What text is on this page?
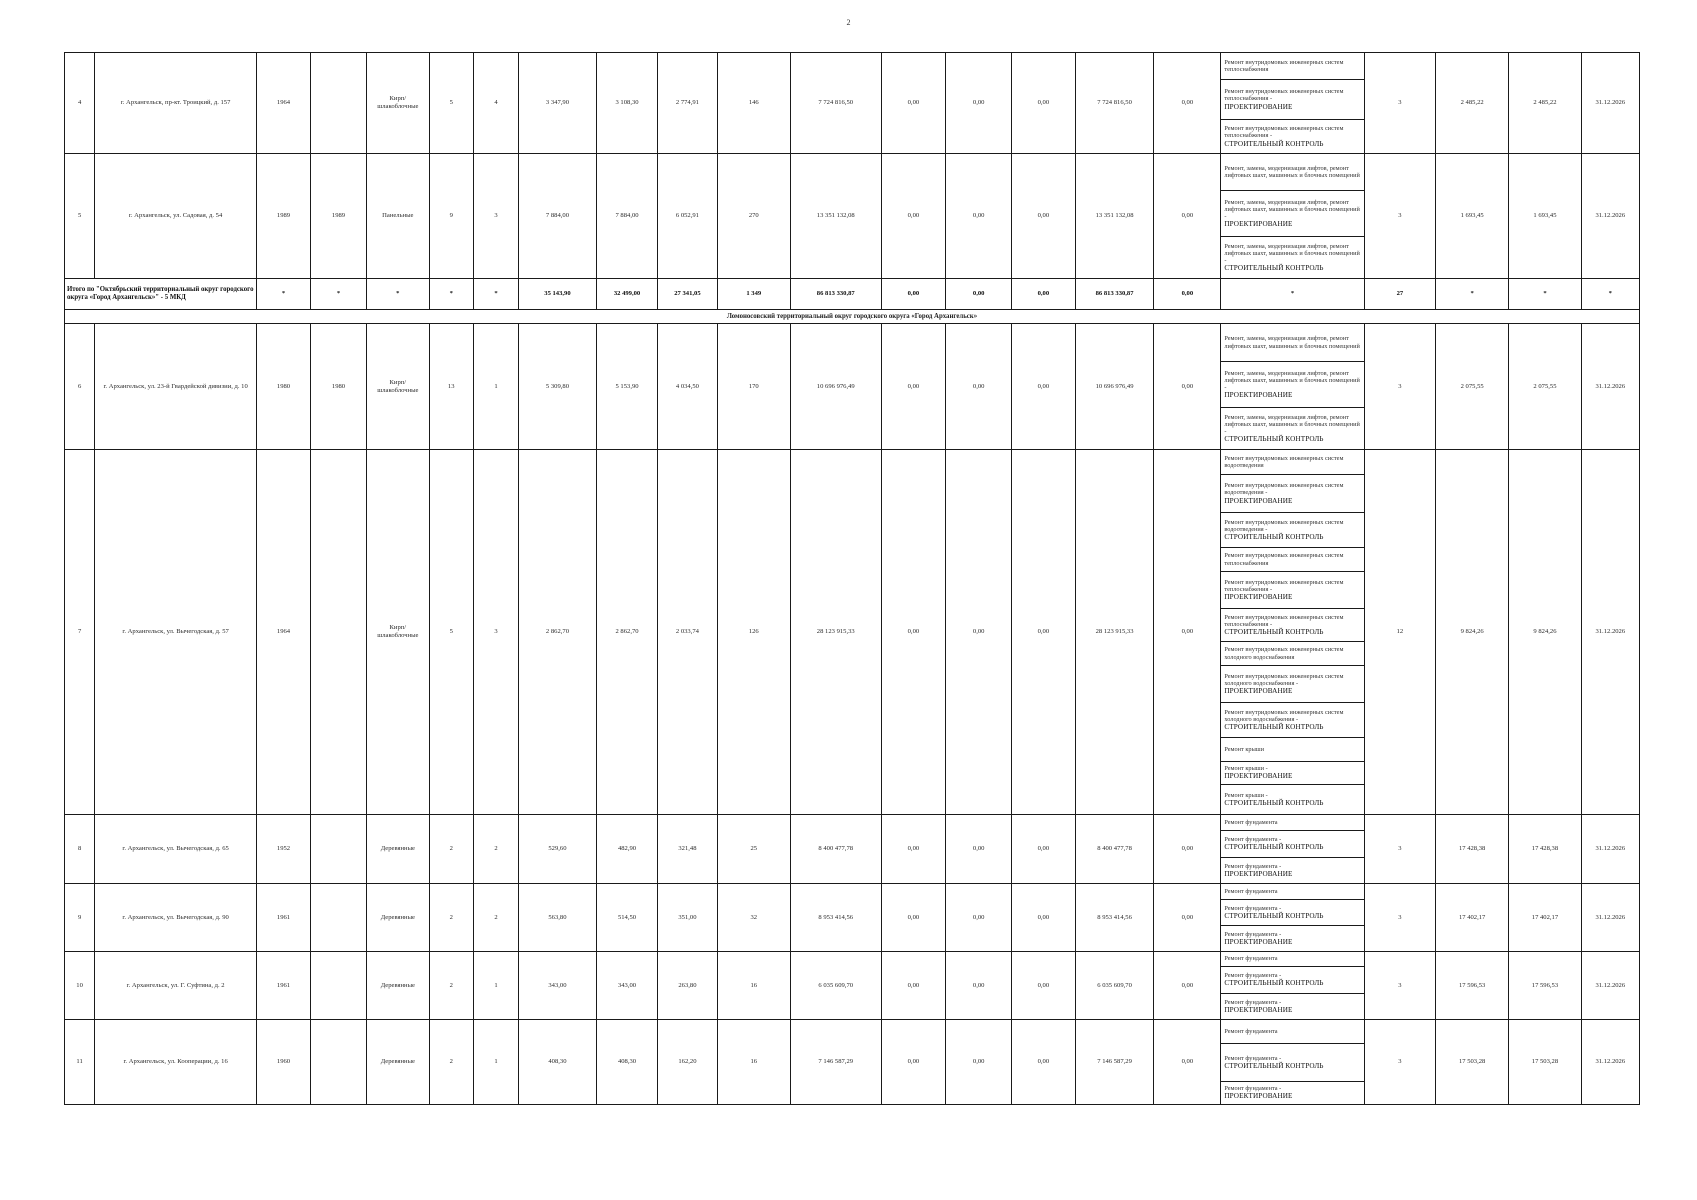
2
4	г. Архангельск, пр-кт. Троицкий, д. 157	1964		Кирп/ шлакоблочные	5	4	3 347,90	3 108,30	2 774,91	146	7 724 816,50	0,00	0,00	0,00	7 724 816,50	0,00	Ремонт внутридомовых инженерных систем теплоснабжения	3	2 485,22	2 485,22	31.12.2026
																	Ремонт внутридомовых инженерных систем теплоснабжения -
ПРОЕКТИРОВАНИЕ				
																	Ремонт внутридомовых инженерных систем теплоснабжения -
СТРОИТЕЛЬНЫЙ КОНТРОЛЬ				
5	г. Архангельск, ул. Садовая, д. 54	1989	1989	Панельные	9	3	7 884,00	7 884,00	6 052,91	270	13 351 132,08	0,00	0,00	0,00	13 351 132,08	0,00	Ремонт, замена, модернизация лифтов, ремонт лифтовых шахт, машинных и блочных помещений	3	1 693,45	1 693,45	31.12.2026
																	Ремонт, замена, модернизация лифтов, ремонт лифтовых шахт, машинных и блочных помещений -
ПРОЕКТИРОВАНИЕ				
																	Ремонт, замена, модернизация лифтов, ремонт лифтовых шахт, машинных и блочных помещений -
СТРОИТЕЛЬНЫЙ КОНТРОЛЬ				
Итого по "Октябрьский территориальный округ городского округа «Город Архангельск»" - 5 МКД		*	*	*	*	*	35 143,90	32 499,00	27 341,05	1 349	86 813 330,87	0,00	0,00	0,00	86 813 330,87	0,00	*	27	*	*	*
Ломоносовский территориальный округ городского округа «Город Архангельск»																					
6	г. Архангельск, ул. 23-й Гвардейской дивизии, д. 10	1980	1980	Кирп/ шлакоблочные	13	1	5 309,80	5 153,90	4 034,50	170	10 696 976,49	0,00	0,00	0,00	10 696 976,49	0,00	Ремонт, замена, модернизация лифтов, ремонт лифтовых шахт, машинных и блочных помещений	3	2 075,55	2 075,55	31.12.2026
																	Ремонт, замена, модернизация лифтов, ремонт лифтовых шахт, машинных и блочных помещений -
ПРОЕКТИРОВАНИЕ				
																	Ремонт, замена, модернизация лифтов, ремонт лифтовых шахт, машинных и блочных помещений -
СТРОИТЕЛЬНЫЙ КОНТРОЛЬ				
7	г. Архангельск, ул. Вычегодская, д. 57	1964		Кирп/ шлакоблочные	5	3	2 862,70	2 862,70	2 033,74	126	28 123 915,33	0,00	0,00	0,00	28 123 915,33	0,00	Ремонт внутридомовых инженерных систем водоотведения	12	9 824,26	9 824,26	31.12.2026
																	Ремонт внутридомовых инженерных систем водоотведения -
ПРОЕКТИРОВАНИЕ				
																	Ремонт внутридомовых инженерных систем водоотведения -
СТРОИТЕЛЬНЫЙ КОНТРОЛЬ				
																	Ремонт внутридомовых инженерных систем теплоснабжения				
																	Ремонт внутридомовых инженерных систем теплоснабжения -
ПРОЕКТИРОВАНИЕ				
																	Ремонт внутридомовых инженерных систем теплоснабжения -
СТРОИТЕЛЬНЫЙ КОНТРОЛЬ				
																	Ремонт внутридомовых инженерных систем холодного водоснабжения				
																	Ремонт внутридомовых инженерных систем холодного водоснабжения -
ПРОЕКТИРОВАНИЕ				
																	Ремонт внутридомовых инженерных систем холодного водоснабжения -
СТРОИТЕЛЬНЫЙ КОНТРОЛЬ				
																	Ремонт крыши				
																	Ремонт крыши -
ПРОЕКТИРОВАНИЕ				
																	Ремонт крыши -
СТРОИТЕЛЬНЫЙ КОНТРОЛЬ				
8	г. Архангельск, ул. Вычегодская, д. 65	1952		Деревянные	2	2	529,60	482,90	321,48	25	8 400 477,78	0,00	0,00	0,00	8 400 477,78	0,00	Ремонт фундамента	3	17 428,38	17 428,38	31.12.2026
																	Ремонт фундамента -
СТРОИТЕЛЬНЫЙ КОНТРОЛЬ				
																	Ремонт фундамента -
ПРОЕКТИРОВАНИЕ				
9	г. Архангельск, ул. Вычегодская, д. 90	1961		Деревянные	2	2	563,80	514,50	351,00	32	8 953 414,56	0,00	0,00	0,00	8 953 414,56	0,00	Ремонт фундамента	3	17 402,17	17 402,17	31.12.2026
																	Ремонт фундамента -
СТРОИТЕЛЬНЫЙ КОНТРОЛЬ				
																	Ремонт фундамента -
ПРОЕКТИРОВАНИЕ				
10	г. Архангельск, ул. Г. Суфтина, д. 2	1961		Деревянные	2	1	343,00	343,00	263,80	16	6 035 609,70	0,00	0,00	0,00	6 035 609,70	0,00	Ремонт фундамента	3	17 596,53	17 596,53	31.12.2026
																	Ремонт фундамента -
СТРОИТЕЛЬНЫЙ КОНТРОЛЬ				
																	Ремонт фундамента -
ПРОЕКТИРОВАНИЕ				
11	г. Архангельск, ул. Кооперации, д. 16	1960		Деревянные	2	1	408,30	408,30	162,20	16	7 146 587,29	0,00	0,00	0,00	7 146 587,29	0,00	Ремонт фундамента	3	17 503,28	17 503,28	31.12.2026
																	Ремонт фундамента -
СТРОИТЕЛЬНЫЙ КОНТРОЛЬ				
																	Ремонт фундамента -
ПРОЕКТИРОВАНИЕ				
